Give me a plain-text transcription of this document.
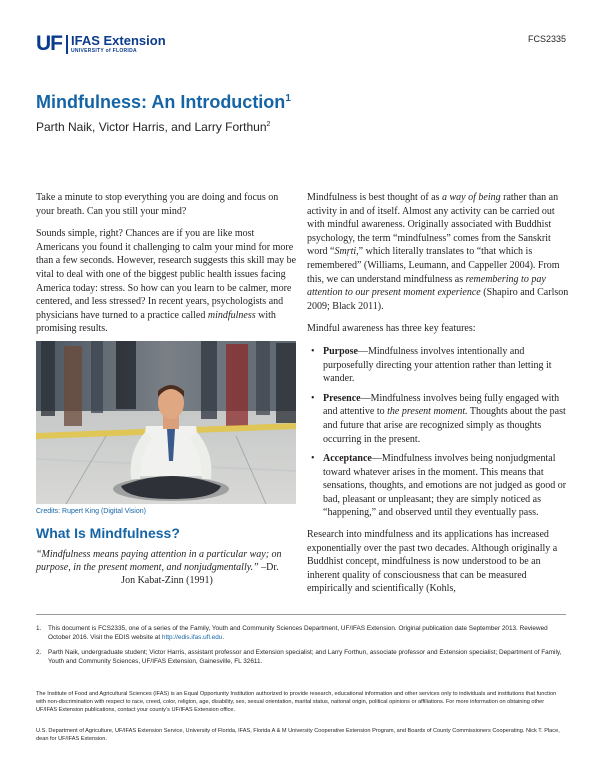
UF IFAS Extension
UNIVERSITY of FLORIDA
FCS2335
Mindfulness: An Introduction$^1$
Parth Naik, Victor Harris, and Larry Forthun$^2$

Take a minute to stop everything you are doing and focus on your breath. Can you still your mind?

Sounds simple, right? Chances are if you are like most Americans you found it challenging to calm your mind for more than a few seconds. However, research suggests this skill may be vital to deal with one of the biggest public health issues facing America today: stress. So how can you learn to be calmer, more centered, and less stressed? In recent years, psychologists and physicians have turned to a practice called mindfulness with promising results.

Credits: Rupert King (Digital Vision)
What Is Mindfulness?
“Mindfulness means paying attention in a particular way; on purpose, in the present moment, and nonjudgmentally.” –Dr.
Jon Kabat-Zinn (1991)

Mindfulness is best thought of as a way of being rather than an activity in and of itself. Almost any activity can be carried out with mindful awareness. Originally associated with Buddhist psychology, the term “mindfulness” comes from the Sanskrit word “Smṛti,” which literally translates to “that which is remembered” (Williams, Leumann, and Cappeller 2004). From this, we can understand mindfulness as remembering to pay attention to our present moment experience (Shapiro and Carlson 2009; Black 2011).

Mindful awareness has three key features:

• Purpose—Mindfulness involves intentionally and purposefully directing your attention rather than letting it wander.
• Presence—Mindfulness involves being fully engaged with and attentive to the present moment. Thoughts about the past and future that arise are recognized simply as thoughts occurring in the present.
• Acceptance—Mindfulness involves being nonjudgmental toward whatever arises in the moment. This means that sensations, thoughts, and emotions are not judged as good or bad, pleasant or unpleasant; they are simply noticed as “happening,” and observed until they eventually pass.

Research into mindfulness and its applications has increased exponentially over the past two decades. Although originally a Buddhist concept, mindfulness is now understood to be an inherent quality of consciousness that can be measured empirically and scientifically (Kohls,

1.	This document is FCS2335, one of a series of the Family, Youth and Community Sciences Department, UF/IFAS Extension. Original publication date September 2013. Reviewed October 2016. Visit the EDIS website at http://edis.ifas.ufl.edu.
2.	Parth Naik, undergraduate student; Victor Harris, assistant professor and Extension specialist; and Larry Forthun, associate professor and Extension specialist; Department of Family, Youth and Community Sciences, UF/IFAS Extension, Gainesville, FL 32611.
The Institute of Food and Agricultural Sciences (IFAS) is an Equal Opportunity Institution authorized to provide research, educational information and other services only to individuals and institutions that function with non-discrimination with respect to race, creed, color, religion, age, disability, sex, sexual orientation, marital status, national origin, political opinions or affiliations. For more information on obtaining other UF/IFAS Extension publications, contact your county’s UF/IFAS Extension office.
U.S. Department of Agriculture, UF/IFAS Extension Service, University of Florida, IFAS, Florida A & M University Cooperative Extension Program, and Boards of County Commissioners Cooperating. Nick T. Place, dean for UF/IFAS Extension.
